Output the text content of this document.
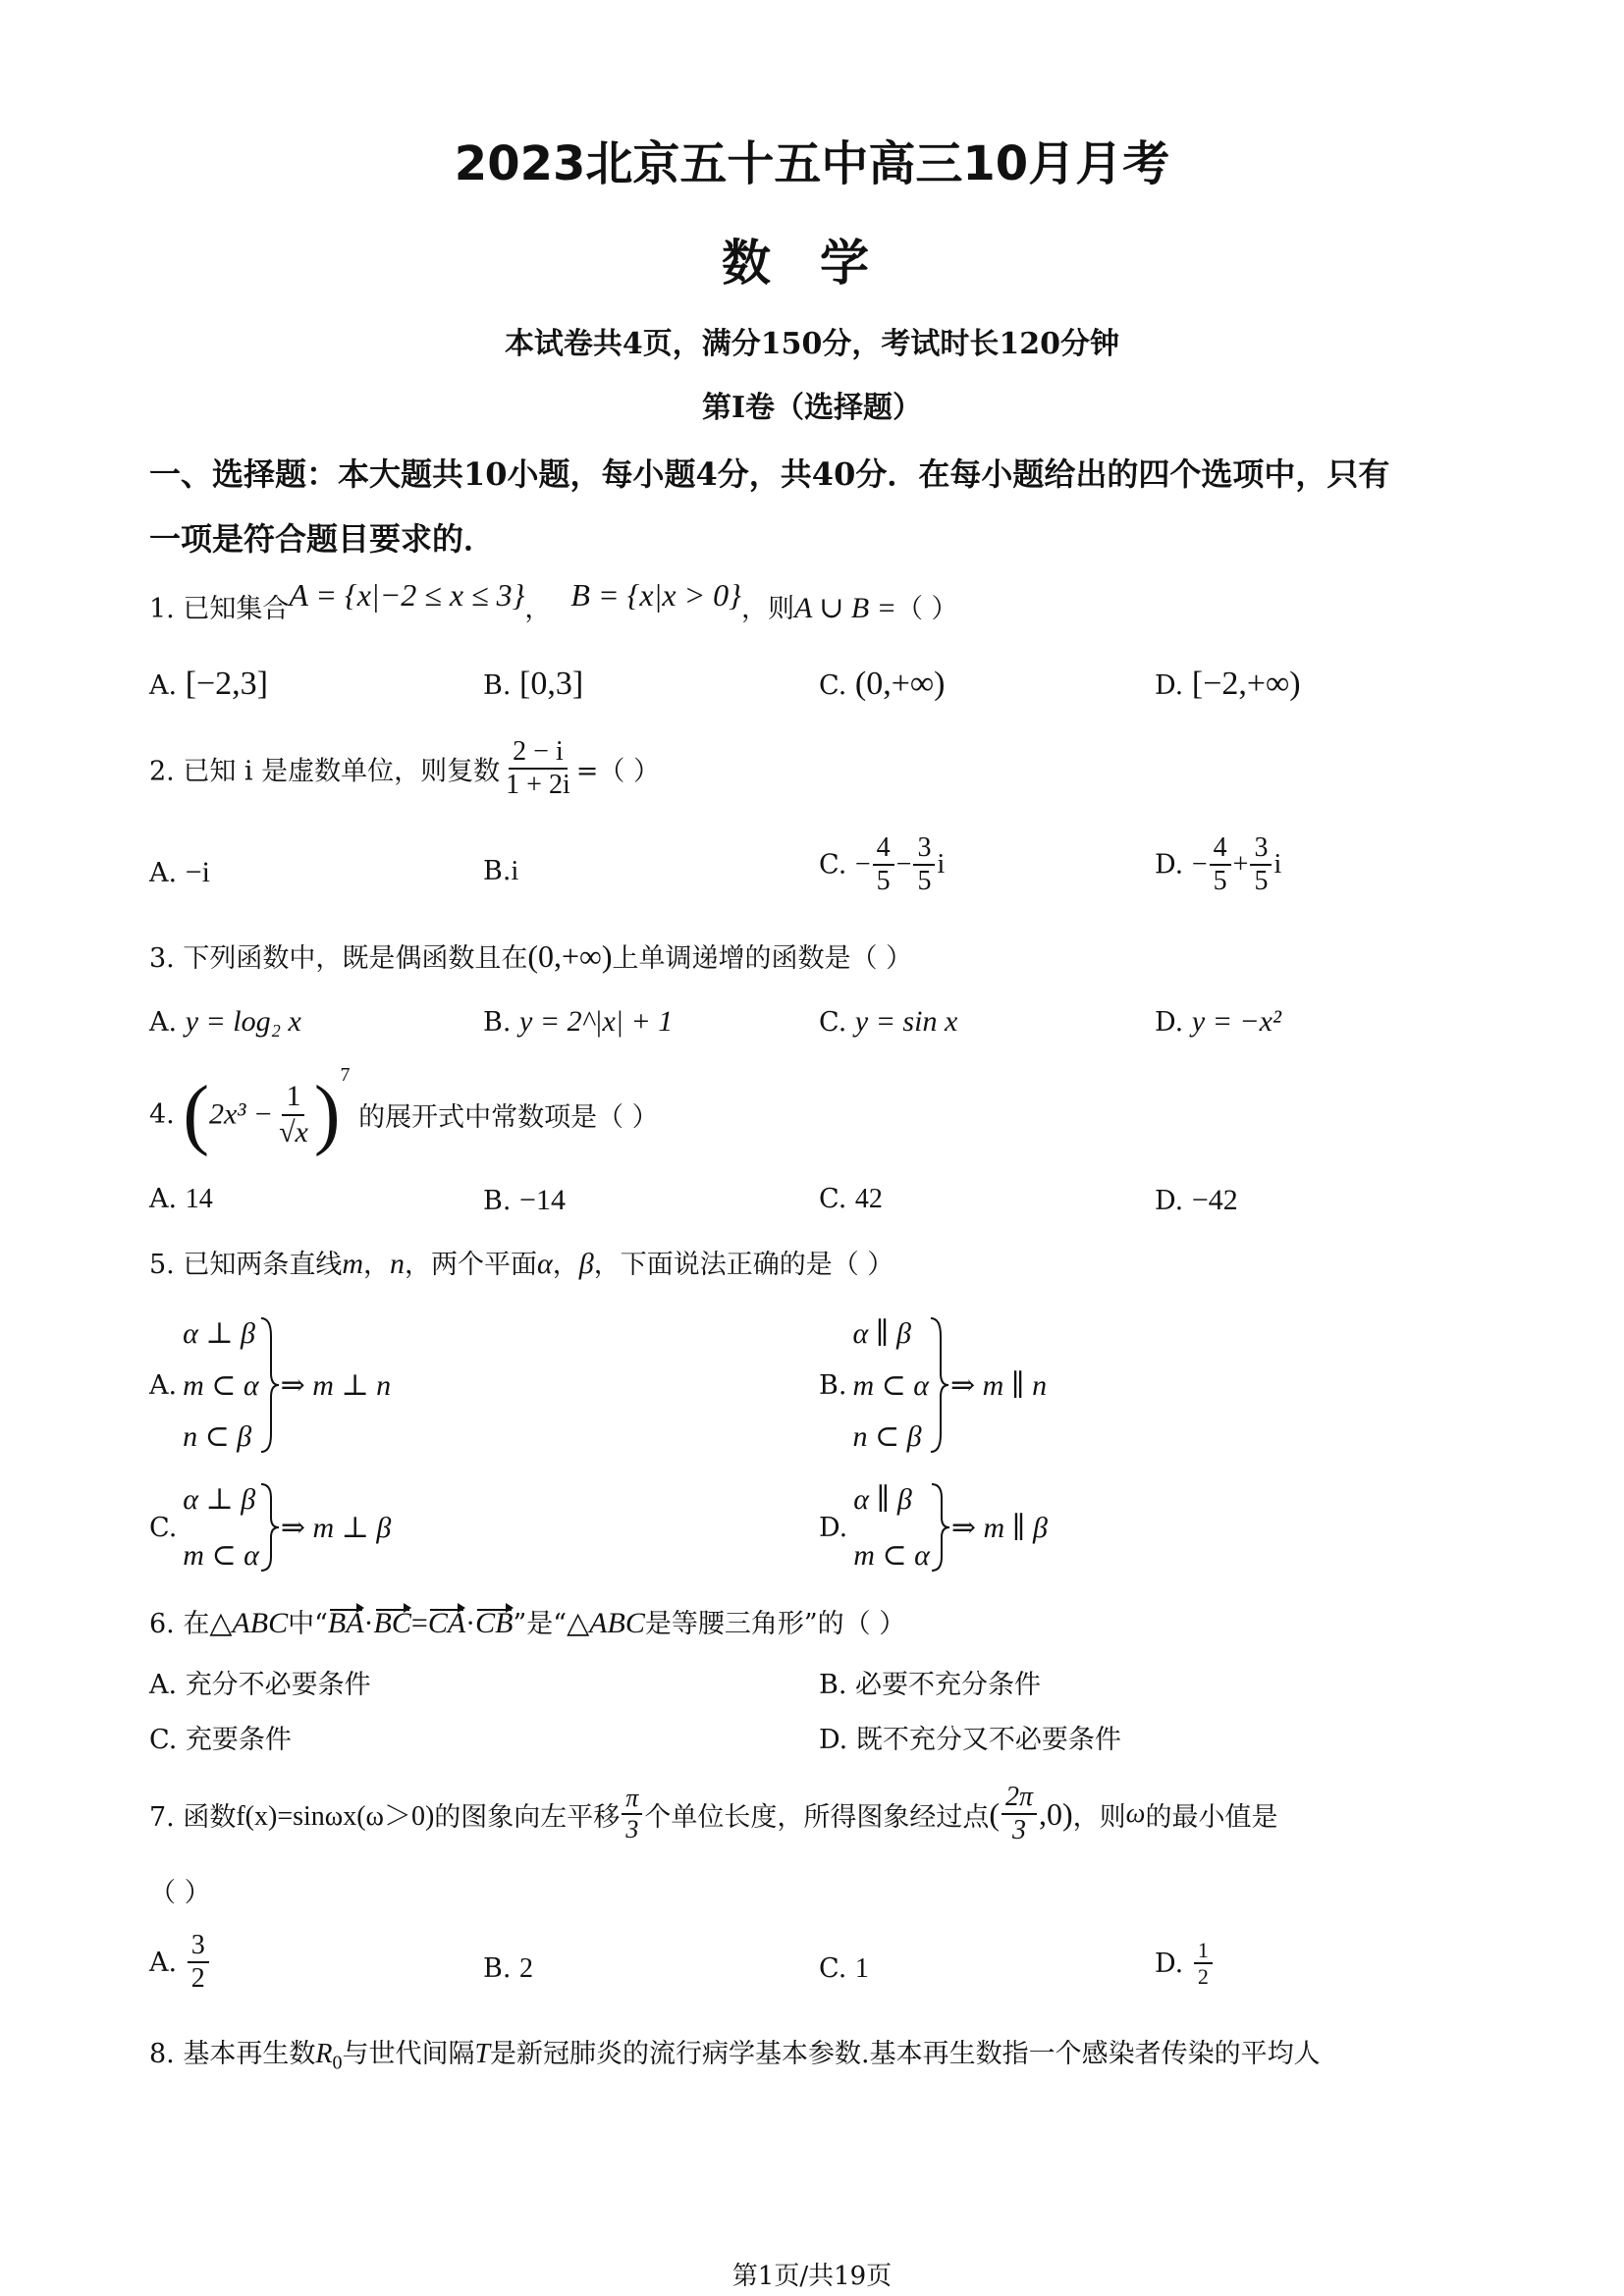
2023北京五十五中高三10月月考
数学
本试卷共4页，满分150分，考试时长120分钟
第I卷（选择题）
一、选择题：本大题共10小题，每小题4分，共40分．在每小题给出的四个选项中，只有
一项是符合题目要求的．
1. 已知集合A = {x|−2 ≤ x ≤ 3}， B = {x|x > 0}，则A ∪ B =（ ）
A. [−2,3]	B. [0,3]	C. (0,+∞)	D. [−2,+∞)
2. 已知 i 是虚数单位，则复数 $\frac{2 - i}{1 + 2i}$ =（ ）
A. −i	B.i	C. − $\frac{4}{5} - \frac{3}{5}$ i	D. − $\frac{4}{5} + \frac{3}{5}$ i
3. 下列函数中，既是偶函数且在(0,+∞)上单调递增的函数是（ ）
A. y = log₂ x	B. y = 2^|x| + 1	C. y = sin x	D. y = −x²
4. $(2x^3 - \frac{1}{√x} )^7$ 的展开式中常数项是（ ）
A. 14	B. −14	C. 42	D. −42
5. 已知两条直线m，n，两个平面α，β，下面说法正确的是（ ）
A.
α ⊥ β
m ⊂ α
n ⊂ β
⇒ m ⊥ n	B.
α ∥ β
m ⊂ α
n ⊂ β
⇒ m ∥ n
C.
α ⊥ β
m ⊂ α
⇒ m ⊥ β	D.
α ∥ β
m ⊂ α
⇒ m ∥ β
6. 在△ABC中“BA·BC=CA·CB”是“△ABC是等腰三角形”的（ ）
A. 充分不必要条件	B. 必要不充分条件
C. 充要条件	D. 既不充分又不必要条件
7. 函数 f(x)=sinωx(ω＞0) 的图象向左平移 $\frac{\pi}{3}$ 个单位长度，所得图象经过点 ( $\frac{2\pi}{3} ,0$) ，则 ω 的最小值是
（ ）
A.
$\frac{3}{2}$	B. 2	C. 1	D.
$\frac{1}{2}$
8. 基本再生数$R_0$与世代间隔T是新冠肺炎的流行病学基本参数.基本再生数指一个感染者传染的平均人
第1页/共19页
